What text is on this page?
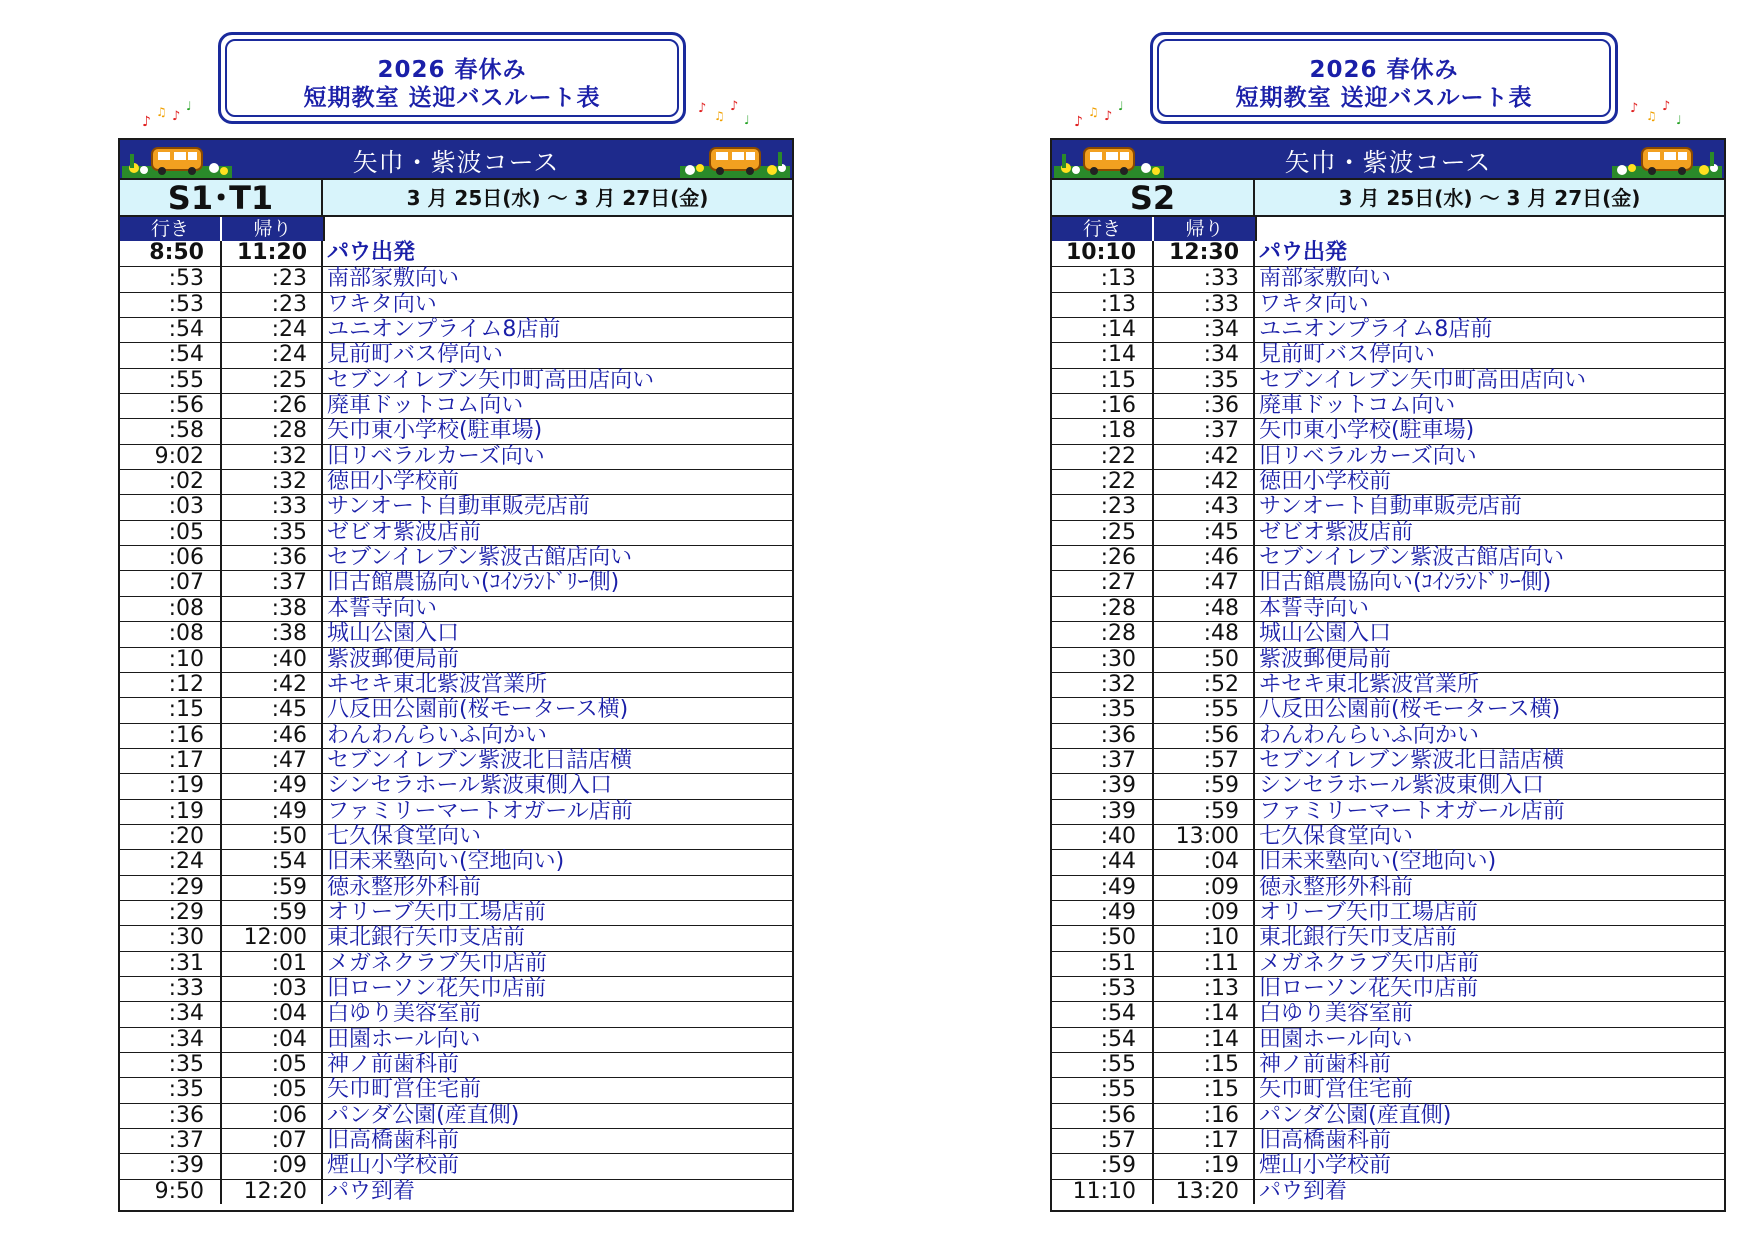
2026 春休み
短期教室 送迎バスルート表
♪
♫ ♪
♩	♪ ♫
♪
♩
矢巾・紫波コース
S1･T1	3 月 25日(水) ～ 3 月 27日(金)
行き	帰り
8:50	11:20 パウ出発
:53	:23 南部家敷向い
:53	:23 ワキタ向い
:54	:24 ユニオンプライム8店前
:54	:24 見前町バス停向い
:55	:25 セブンイレブン矢巾町高田店向い
:56	:26 廃車ドットコム向い
:58	:28 矢巾東小学校(駐車場)
9:02	:32 旧リベラルカーズ向い
:02	:32 徳田小学校前
:03	:33 サンオート自動車販売店前
:05	:35 ゼビオ紫波店前
:06	:36 セブンイレブン紫波古館店向い
:07	:37 旧古館農協向い(ｺｲﾝﾗﾝﾄﾞﾘｰ側)
:08	:38 本誓寺向い
:08	:38 城山公園入口
:10	:40 紫波郵便局前
:12	:42 ヰセキ東北紫波営業所
:15	:45 八反田公園前(桜モータース横)
:16	:46 わんわんらいふ向かい
:17	:47 セブンイレブン紫波北日詰店横
:19	:49 シンセラホール紫波東側入口
:19	:49 ファミリーマートオガール店前
:20	:50 七久保食堂向い
:24	:54 旧未来塾向い(空地向い)
:29	:59 徳永整形外科前
:29	:59 オリーブ矢巾工場店前
:30	12:00 東北銀行矢巾支店前
:31	:01 メガネクラブ矢巾店前
:33	:03 旧ローソン花矢巾店前
:34	:04 白ゆり美容室前
:34	:04 田園ホール向い
:35	:05 神ノ前歯科前
:35	:05 矢巾町営住宅前
:36	:06 パンダ公園(産直側)
:37	:07 旧高橋歯科前
:39	:09 煙山小学校前
9:50	12:20 パウ到着
2026 春休み
短期教室 送迎バスルート表
♪
♫ ♪
♩	♪ ♫
♪
♩
矢巾・紫波コース
S2	3 月 25日(水) ～ 3 月 27日(金)
行き	帰り
10:10	12:30 パウ出発
:13	:33 南部家敷向い
:13	:33 ワキタ向い
:14	:34 ユニオンプライム8店前
:14	:34 見前町バス停向い
:15	:35 セブンイレブン矢巾町高田店向い
:16	:36 廃車ドットコム向い
:18	:37 矢巾東小学校(駐車場)
:22	:42 旧リベラルカーズ向い
:22	:42 徳田小学校前
:23	:43 サンオート自動車販売店前
:25	:45 ゼビオ紫波店前
:26	:46 セブンイレブン紫波古館店向い
:27	:47 旧古館農協向い(ｺｲﾝﾗﾝﾄﾞﾘｰ側)
:28	:48 本誓寺向い
:28	:48 城山公園入口
:30	:50 紫波郵便局前
:32	:52 ヰセキ東北紫波営業所
:35	:55 八反田公園前(桜モータース横)
:36	:56 わんわんらいふ向かい
:37	:57 セブンイレブン紫波北日詰店横
:39	:59 シンセラホール紫波東側入口
:39	:59 ファミリーマートオガール店前
:40	13:00 七久保食堂向い
:44	:04 旧未来塾向い(空地向い)
:49	:09 徳永整形外科前
:49	:09 オリーブ矢巾工場店前
:50	:10 東北銀行矢巾支店前
:51	:11 メガネクラブ矢巾店前
:53	:13 旧ローソン花矢巾店前
:54	:14 白ゆり美容室前
:54	:14 田園ホール向い
:55	:15 神ノ前歯科前
:55	:15 矢巾町営住宅前
:56	:16 パンダ公園(産直側)
:57	:17 旧高橋歯科前
:59	:19 煙山小学校前
11:10	13:20 パウ到着
